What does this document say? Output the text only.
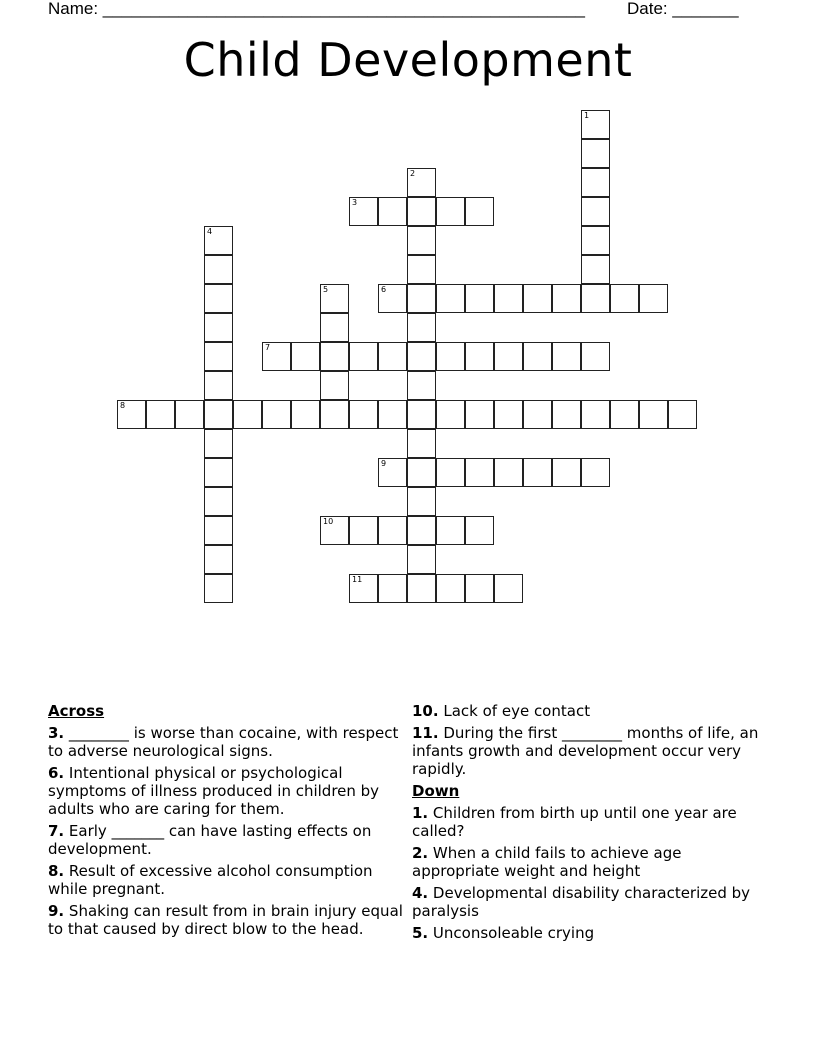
Name: ___________________________________________________ Date: _______
Child Development
1
2
3
4
5	6
7
8
9
10
11
Across
3. ________ is worse than cocaine, with respect to adverse neurological signs.
6. Intentional physical or psychological symptoms of illness produced in children by adults who are caring for them.
7. Early _______ can have lasting effects on development.
8. Result of excessive alcohol consumption while pregnant.
9. Shaking can result from in brain injury equal to that caused by direct blow to the head.
10. Lack of eye contact
11. During the first ________ months of life, an infants growth and development occur very rapidly.
Down
1. Children from birth up until one year are called?
2. When a child fails to achieve age appropriate weight and height
4. Developmental disability characterized by paralysis
5. Unconsoleable crying
